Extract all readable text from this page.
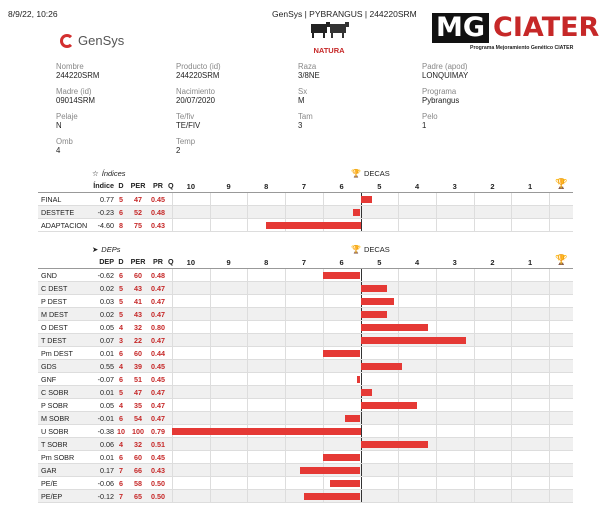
8/9/22, 10:26	GenSys | PYBRANGUS | 244220SRM
GenSys
NATURA
MG CIATER
Programa Mejoramiento Genético CIATER
Nombre
244220SRM
Producto (id)
244220SRM
Raza
3/8NE
Padre (apod)
LONQUIMAY
Madre (id)
09014SRM
Nacimiento
20/07/2020
Sx
M
Programa
Pybrangus
Pelaje
N
Te/fiv
TE/FIV
Tam
3
Pelo
1
Omb
4
Temp
2
☆ Índices	🏆 DECAS
Índice D PER	PR Q	10	9	8	7	6	5	4	3	2	1	🏆
FINAL	0.77 5	47	0.45
DESTETE	-0.23 6	52	0.48
ADAPTACION	-4.60 8	75	0.43
➤ DEPs	🏆 DECAS
DEP D PER	PR Q	10	9	8	7	6	5	4	3	2	1	🏆
GND	-0.62 6	60	0.48
C DEST	0.02 5	43	0.47
P DEST	0.03 5	41	0.47
M DEST	0.02 5	43	0.47
O DEST	0.05 4	32	0.80
T DEST	0.07 3	22	0.47
Pm DEST	0.01 6	60	0.44
GDS	0.55 4	39	0.45
GNF	-0.07 6	51	0.45
C SOBR	0.01 5	47	0.47
P SOBR	0.05 4	35	0.47
M SOBR	-0.01 6	54	0.47
U SOBR	-0.38 10 100 0.79
T SOBR	0.06 4	32	0.51
Pm SOBR	0.01 6	60	0.45
GAR	0.17 7	66	0.43
PE/E	-0.06 6	58	0.50
PE/EP	-0.12 7	65	0.50
